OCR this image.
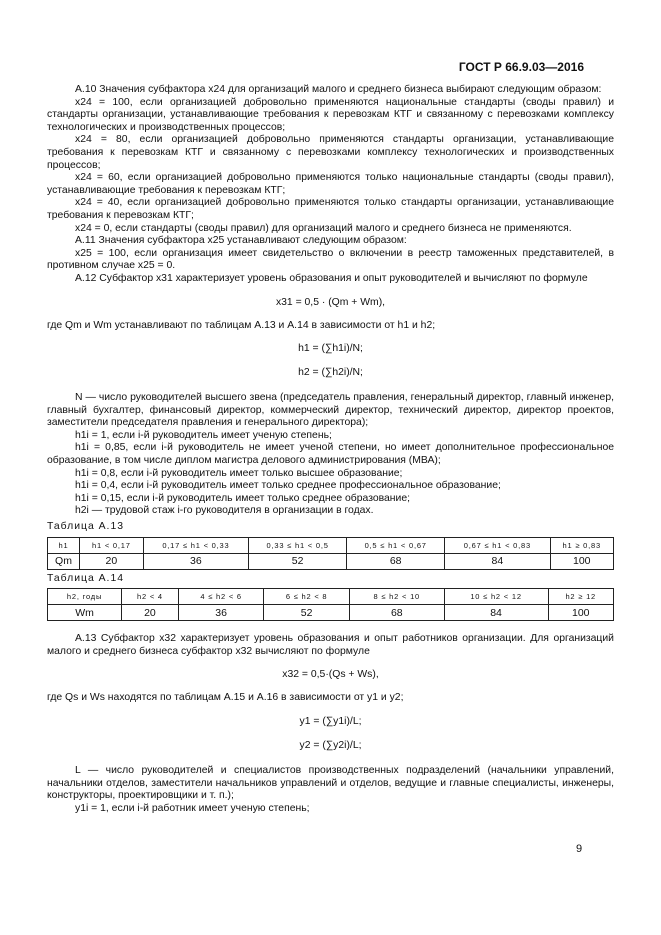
ГОСТ Р 66.9.03—2016

А.10 Значения субфактора x24 для организаций малого и среднего бизнеса выбирают следующим образом:

x24 = 100, если организацией добровольно применяются национальные стандарты (своды правил) и стандарты организации, устанавливающие требования к перевозкам КТГ и связанному с перевозками комплексу технологических и производственных процессов;

x24 = 80, если организацией добровольно применяются стандарты организации, устанавливающие требования к перевозкам КТГ и связанному с перевозками комплексу технологических и производственных процессов;

x24 = 60, если организацией добровольно применяются только национальные стандарты (своды правил), устанавливающие требования к перевозкам КТГ;

x24 = 40, если организацией добровольно применяются только стандарты организации, устанавливающие требования к перевозкам КТГ;

x24 = 0, если стандарты (своды правил) для организаций малого и среднего бизнеса не применяются.

А.11 Значения субфактора x25 устанавливают следующим образом:

x25 = 100, если организация имеет свидетельство о включении в реестр таможенных представителей, в противном случае x25 = 0.

А.12 Субфактор x31 характеризует уровень образования и опыт руководителей и вычисляют по формуле

x31 = 0,5 · (Qm + Wm),

где Qm и Wm устанавливают по таблицам А.13 и А.14 в зависимости от h1 и h2;

h1 = (∑h1i)/N;

h2 = (∑h2i)/N;

N — число руководителей высшего звена (председатель правления, генеральный директор, главный инженер, главный бухгалтер, финансовый директор, коммерческий директор, технический директор, директор проектов, заместители председателя правления и генерального директора);

h1i = 1, если i-й руководитель имеет ученую степень;

h1i = 0,85, если i-й руководитель не имеет ученой степени, но имеет дополнительное профессиональное образование, в том числе диплом магистра делового администрирования (МВА);

h1i = 0,8, если i-й руководитель имеет только высшее образование;

h1i = 0,4, если i-й руководитель имеет только среднее профессиональное образование;

h1i = 0,15, если i-й руководитель имеет только среднее образование;

h2i — трудовой стаж i-го руководителя в организации в годах.

Таблица А.13

h1	h1 < 0,17	0,17 ≤ h1 < 0,33	0,33 ≤ h1 < 0,5	0,5 ≤ h1 < 0,67	0,67 ≤ h1 < 0,83	h1 ≥ 0,83
Qm	20	36	52	68	84	100

Таблица А.14

h2, годы	h2 < 4	4 ≤ h2 < 6	6 ≤ h2 < 8	8 ≤ h2 < 10	10 ≤ h2 < 12	h2 ≥ 12
Wm	20	36	52	68	84	100

А.13 Субфактор x32 характеризует уровень образования и опыт работников организации. Для организаций малого и среднего бизнеса субфактор x32 вычисляют по формуле

x32 = 0,5·(Qs + Ws),

где Qs и Ws находятся по таблицам А.15 и А.16 в зависимости от y1 и y2;

y1 = (∑y1i)/L;

y2 = (∑y2i)/L;

L — число руководителей и специалистов производственных подразделений (начальники управлений, начальники отделов, заместители начальников управлений и отделов, ведущие и главные специалисты, инженеры, конструкторы, проектировщики и т. п.);

y1i = 1, если i-й работник имеет ученую степень;

9
